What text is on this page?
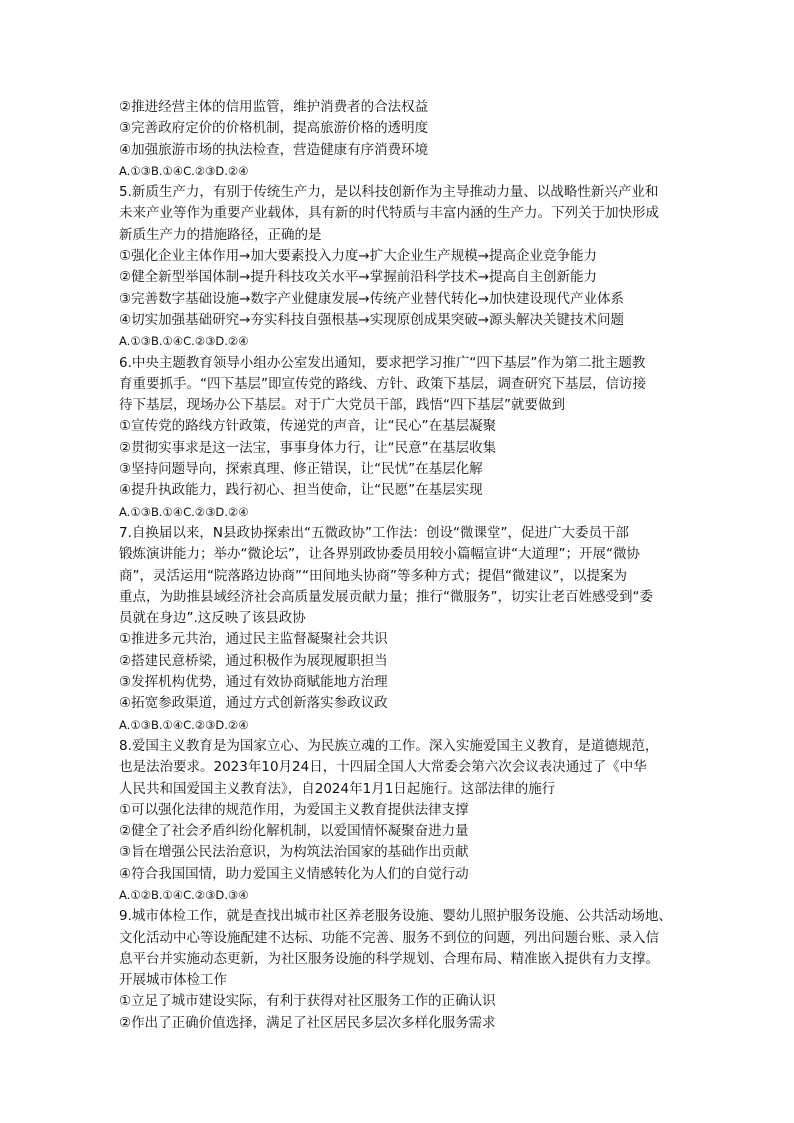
②推进经营主体的信用监管，维护消费者的合法权益
③完善政府定价的价格机制，提高旅游价格的透明度
④加强旅游市场的执法检查，营造健康有序消费环境
A.①③B.①④C.②③D.②④
5.新质生产力，有别于传统生产力，是以科技创新作为主导推动力量、以战略性新兴产业和
未来产业等作为重要产业载体，具有新的时代特质与丰富内涵的生产力。下列关于加快形成
新质生产力的措施路径，正确的是
①强化企业主体作用→加大要素投入力度→扩大企业生产规模→提高企业竞争能力
②健全新型举国体制→提升科技攻关水平→掌握前沿科学技术→提高自主创新能力
③完善数字基础设施→数字产业健康发展→传统产业替代转化→加快建设现代产业体系
④切实加强基础研究→夯实科技自强根基→实现原创成果突破→源头解决关键技术问题
A.①③B.①④C.②③D.②④
6.中央主题教育领导小组办公室发出通知，要求把学习推广“四下基层”作为第二批主题教
育重要抓手。“四下基层”即宣传党的路线、方针、政策下基层，调查研究下基层，信访接
待下基层，现场办公下基层。对于广大党员干部，践悟“四下基层”就要做到
①宣传党的路线方针政策，传递党的声音，让“民心”在基层凝聚
②贯彻实事求是这一法宝，事事身体力行，让“民意”在基层收集
③坚持问题导向，探索真理、修正错误，让“民忧”在基层化解
④提升执政能力，践行初心、担当使命，让“民愿”在基层实现
A.①③B.①④C.②③D.②④
7.自换届以来，N县政协探索出“五微政协”工作法：创设“微课堂”，促进广大委员干部
锻炼演讲能力；举办“微论坛”，让各界别政协委员用较小篇幅宣讲“大道理”；开展“微协
商”，灵活运用“院落路边协商”“田间地头协商”等多种方式；提倡“微建议”，以提案为
重点，为助推县域经济社会高质量发展贡献力量；推行“微服务”，切实让老百姓感受到“委
员就在身边”.这反映了该县政协
①推进多元共治，通过民主监督凝聚社会共识
②搭建民意桥梁，通过积极作为展现履职担当
③发挥机构优势，通过有效协商赋能地方治理
④拓宽参政渠道，通过方式创新落实参政议政
A.①③B.①④C.②③D.②④
8.爱国主义教育是为国家立心、为民族立魂的工作。深入实施爱国主义教育，是道德规范，
也是法治要求。2023年10月24日，十四届全国人大常委会第六次会议表决通过了《中华
人民共和国爱国主义教育法》，自2024年1月1日起施行。这部法律的施行
①可以强化法律的规范作用，为爱国主义教育提供法律支撑
②健全了社会矛盾纠纷化解机制，以爱国情怀凝聚奋进力量
③旨在增强公民法治意识，为构筑法治国家的基础作出贡献
④符合我国国情，助力爱国主义情感转化为人们的自觉行动
A.①②B.①④C.②③D.③④
9.城市体检工作，就是查找出城市社区养老服务设施、婴幼儿照护服务设施、公共活动场地、
文化活动中心等设施配建不达标、功能不完善、服务不到位的问题，列出问题台账、录入信
息平台并实施动态更新，为社区服务设施的科学规划、合理布局、精准嵌入提供有力支撑。
开展城市体检工作
①立足了城市建设实际，有利于获得对社区服务工作的正确认识
②作出了正确价值选择，满足了社区居民多层次多样化服务需求
